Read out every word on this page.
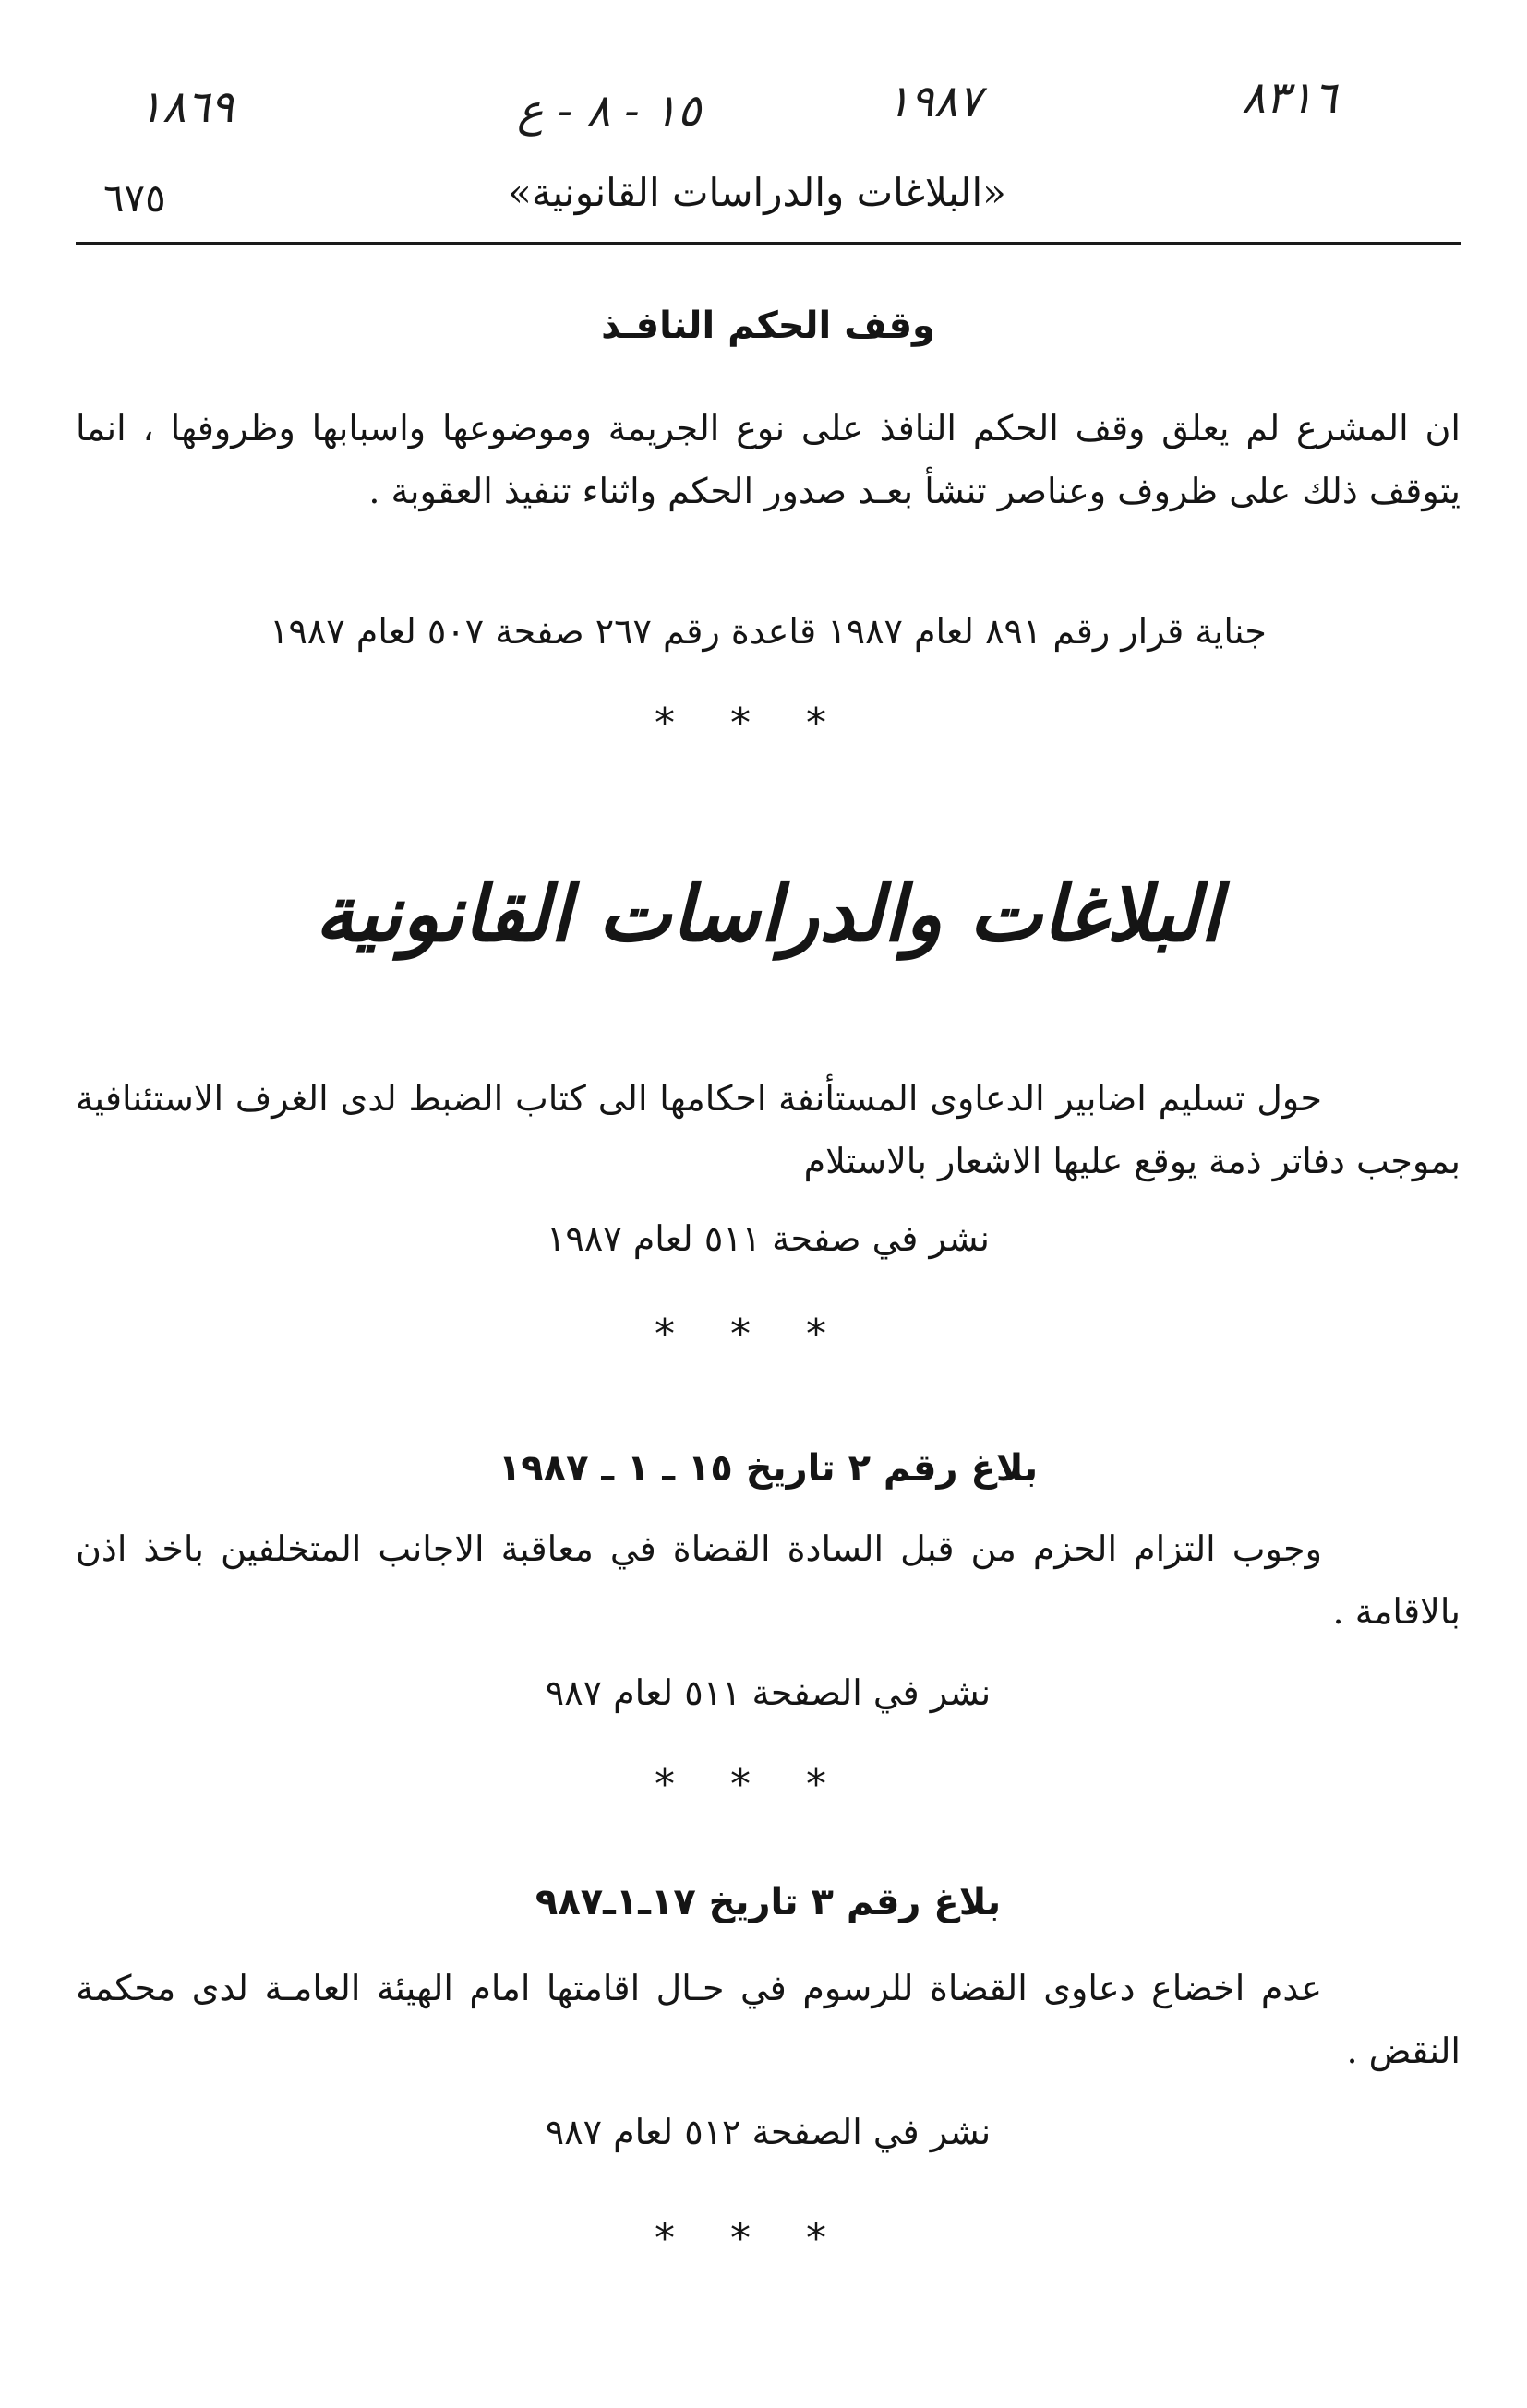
١٨٦٩	١٥ - ٨ - ع	١٩٨٧	٨٣١٦
٦٧٥	«البلاغات والدراسات القانونية»
وقف الحكم النافـذ
ان المشرع لم يعلق وقف الحكم النافذ على نوع الجريمة وموضوعها واسبابها وظروفها ، انما يتوقف ذلك على ظروف وعناصر تنشأ بعـد صدور الحكم واثناء تنفيذ العقوبة .
جناية قرار رقم ٨٩١ لعام ١٩٨٧ قاعدة رقم ٢٦٧ صفحة ٥٠٧ لعام ١٩٨٧
***
البلاغات والدراسات القانونية
حول تسليم اضابير الدعاوى المستأنفة احكامها الى كتاب الضبط لدى الغرف الاستئنافية بموجب دفاتر ذمة يوقع عليها الاشعار بالاستلام
نشر في صفحة ٥١١ لعام ١٩٨٧
***
بلاغ رقم ٢ تاريخ ١٥ ـ ١ ـ ١٩٨٧
وجوب التزام الحزم من قبل السادة القضاة في معاقبة الاجانب المتخلفين باخذ اذن بالاقامة .
نشر في الصفحة ٥١١ لعام ٩٨٧
***
بلاغ رقم ٣ تاريخ ١٧ـ١ـ٩٨٧
عدم اخضاع دعاوى القضاة للرسوم في حـال اقامتها امام الهيئة العامـة لدى محكمة النقض .
نشر في الصفحة ٥١٢ لعام ٩٨٧
***
